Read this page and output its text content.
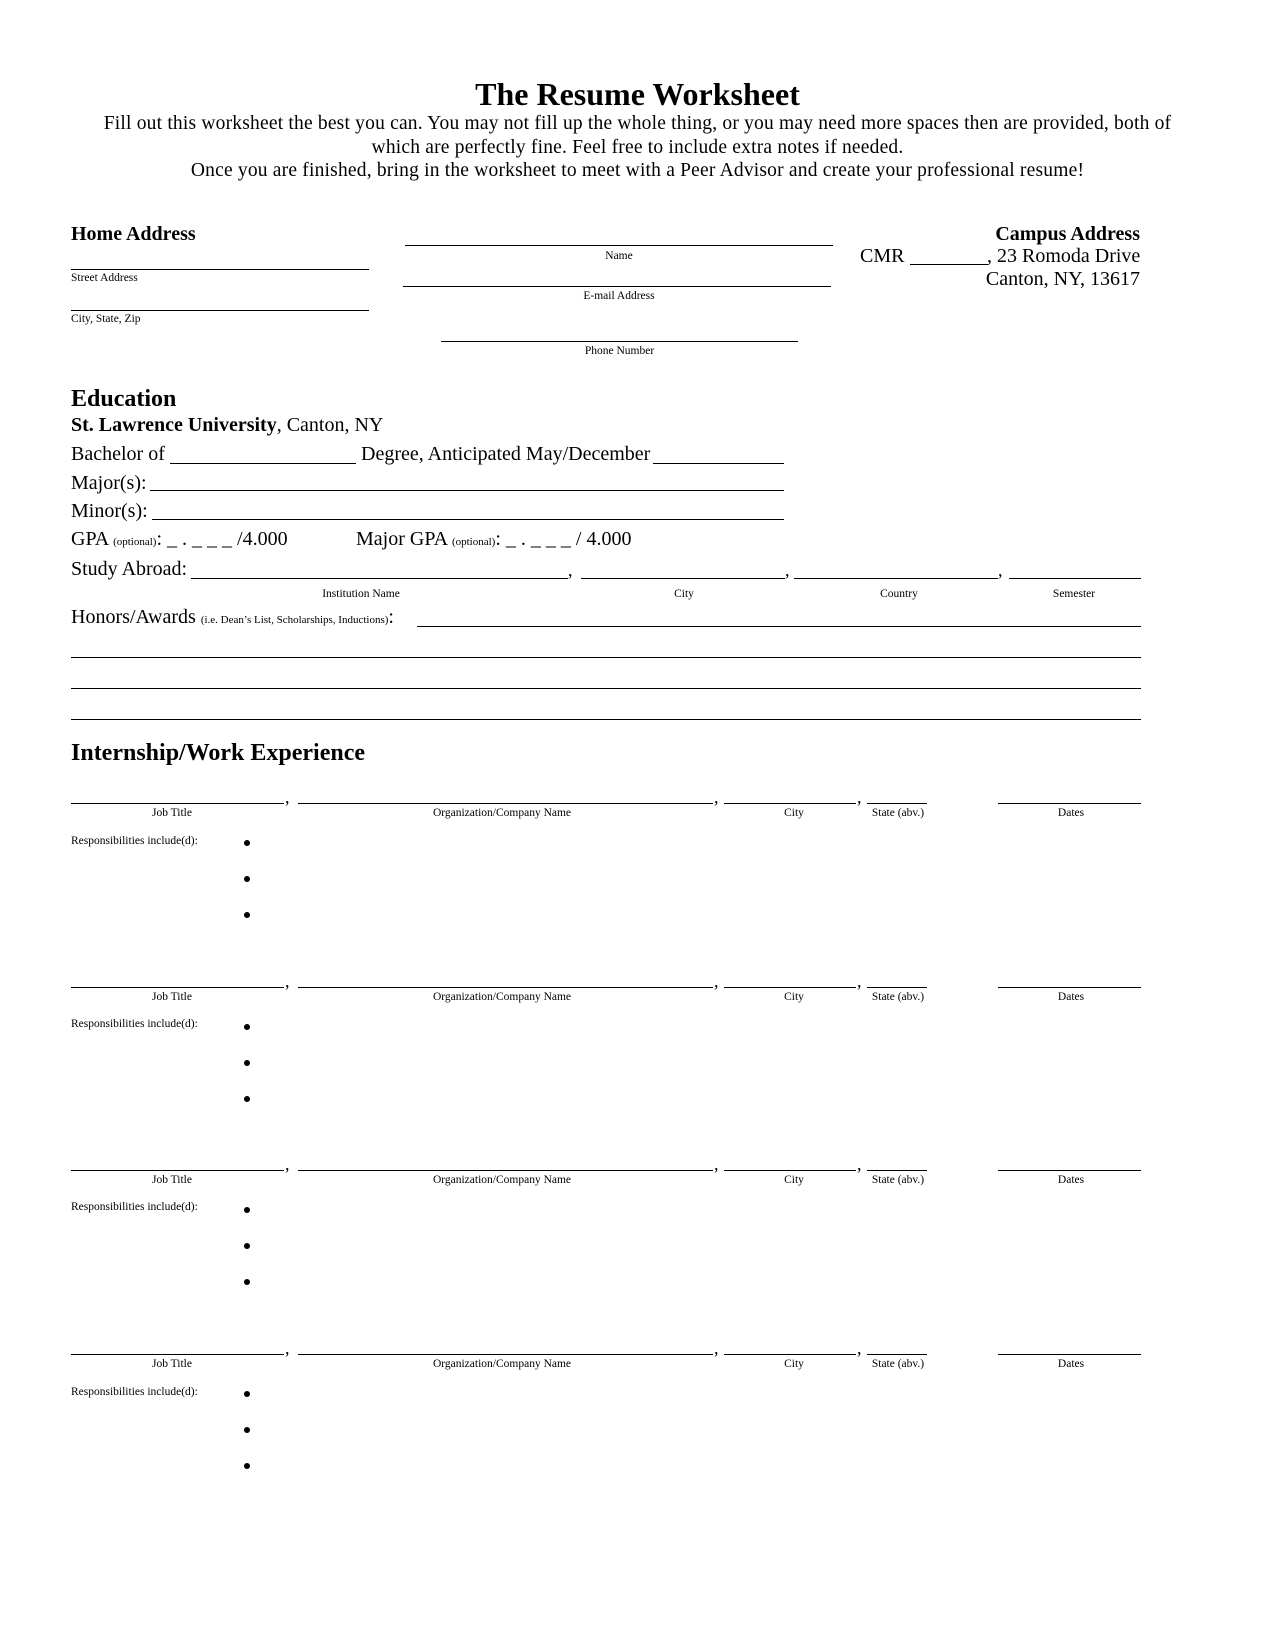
The Resume Worksheet

Fill out this worksheet the best you can. You may not fill up the whole thing, or you may need more spaces then are provided, both of

which are perfectly fine. Feel free to include extra notes if needed.

Once you are finished, bring in the worksheet to meet with a Peer Advisor and create your professional resume!

Home Address
Street Address
City, State, Zip
Name
E-mail Address
Phone Number
Campus Address
CMR	, 23 Romoda Drive
Canton, NY, 13617
Education
St. Lawrence University, Canton, NY
Bachelor of	Degree, Anticipated May/December
Major(s):
Minor(s):
GPA (optional): _ . _ _ _ /4.000	Major GPA (optional): _ . _ _ _ / 4.000
Study Abroad:	,	,	,
Institution Name	City	Country	Semester
Honors/Awards (i.e. Dean’s List, Scholarships, Inductions):
Internship/Work Experience
,	,	,
Job Title	Organization/Company Name	City	State (abv.)	Dates
Responsibilities include(d):
,	,	,
Job Title	Organization/Company Name	City	State (abv.)	Dates
Responsibilities include(d):
,	,	,
Job Title	Organization/Company Name	City	State (abv.)	Dates
Responsibilities include(d):
,	,	,
Job Title	Organization/Company Name	City	State (abv.)	Dates
Responsibilities include(d):
